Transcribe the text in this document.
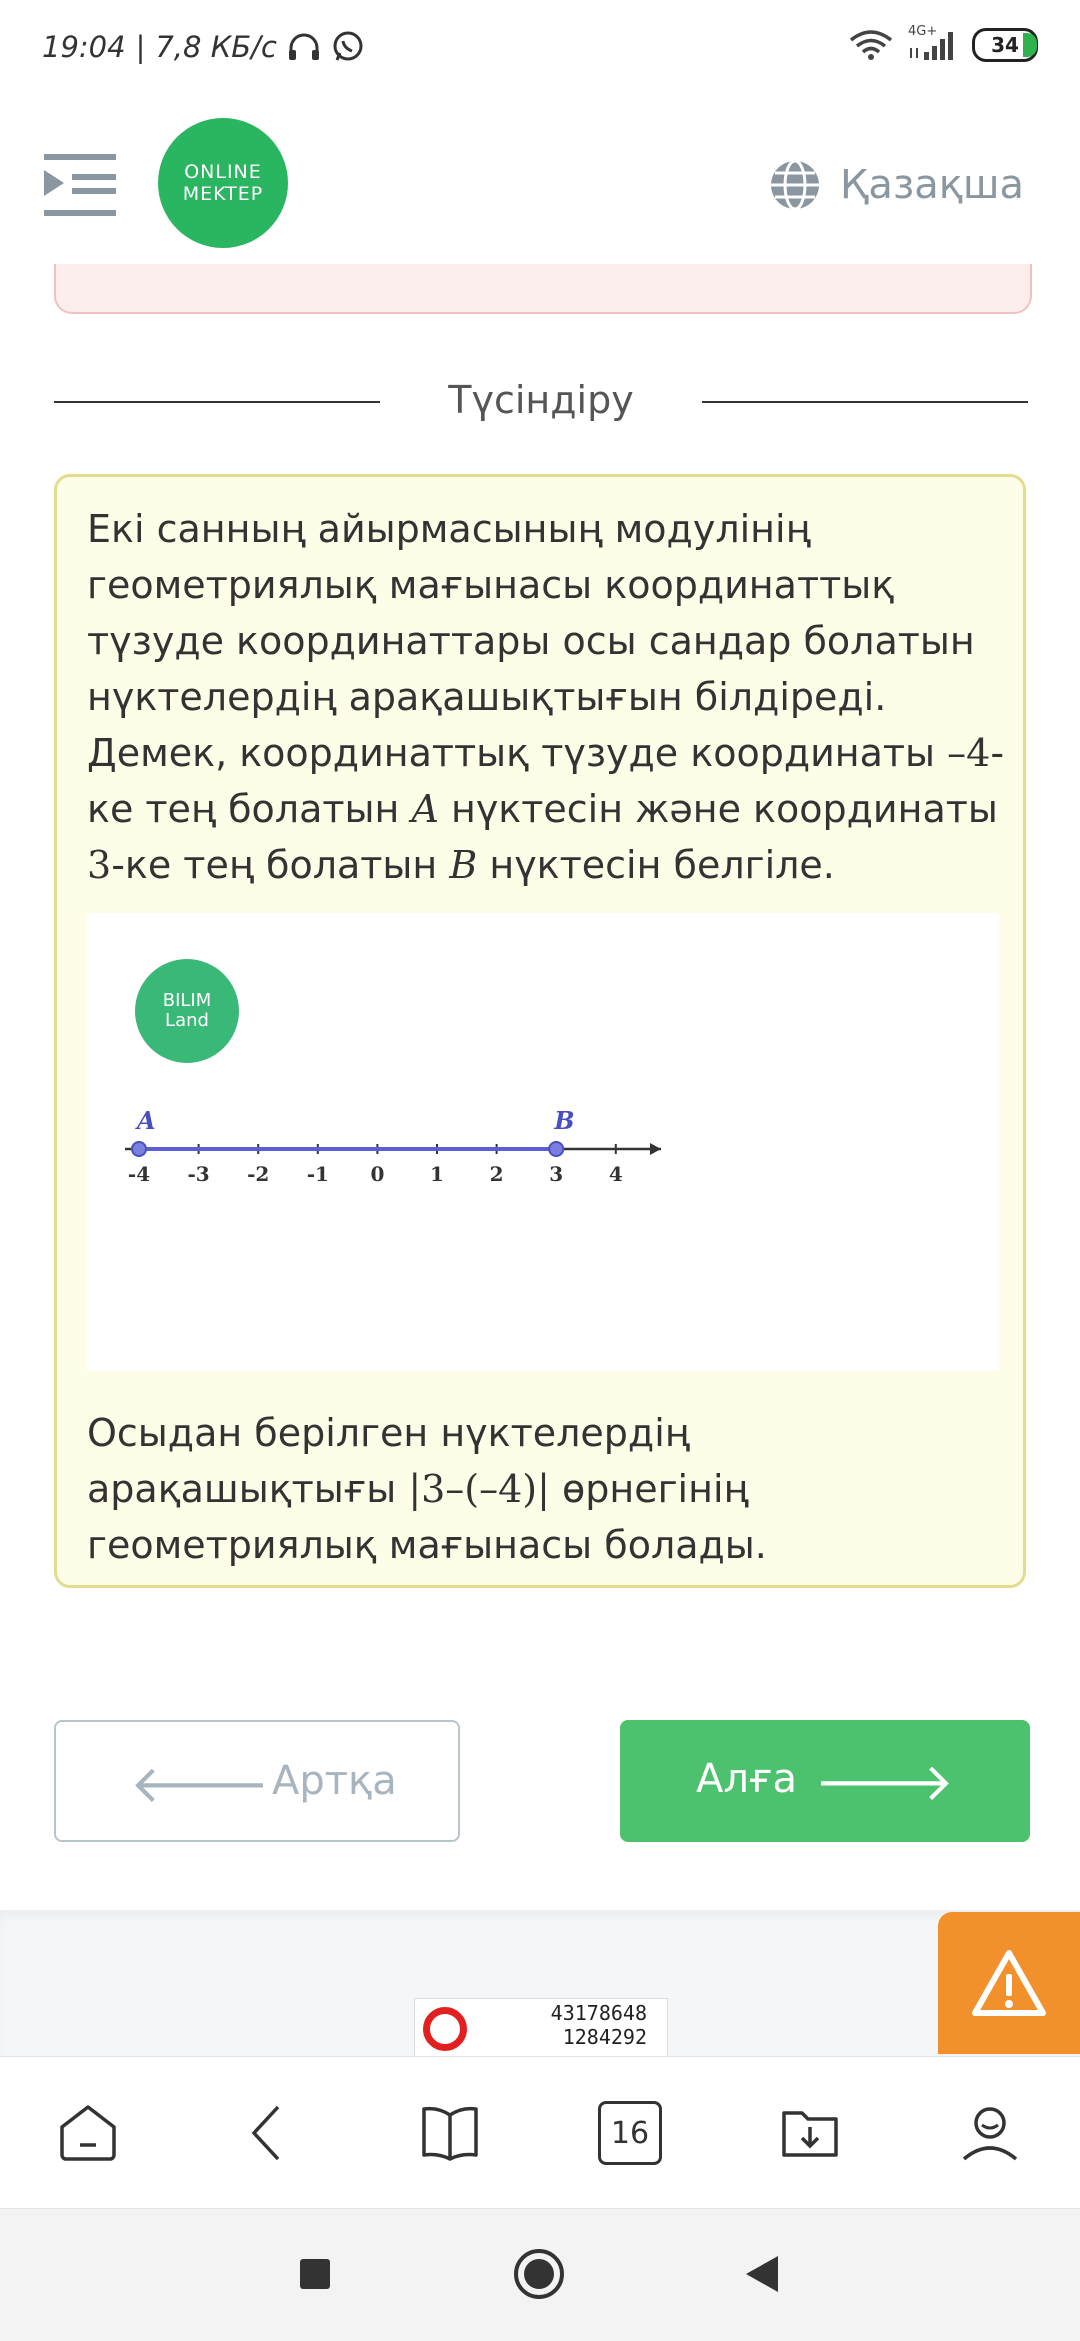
19:04 | 7,8 КБ/с	4G+
34
ONLINE
MEKTEP	Қазақша
Түсіндіру
Екі санның айырмасының модулінің геометриялық мағынасы координаттық түзуде координаттары осы сандар болатын нүктелердің арақашықтығын білдіреді. Демек, координаттық түзуде координаты –4-ке тең болатын A нүктесін және координаты 3-ке тең болатын B нүктесін белгіле.
BILIM
Land
-4 -3 -2 -1 0 1 2 3 4
A	B
Осыдан берілген нүктелердің арақашықтығы |3–(–4)| өрнегінің геометриялық мағынасы болады.
🡐 Артқа	Алға 🡒
43178648
1284292
16
